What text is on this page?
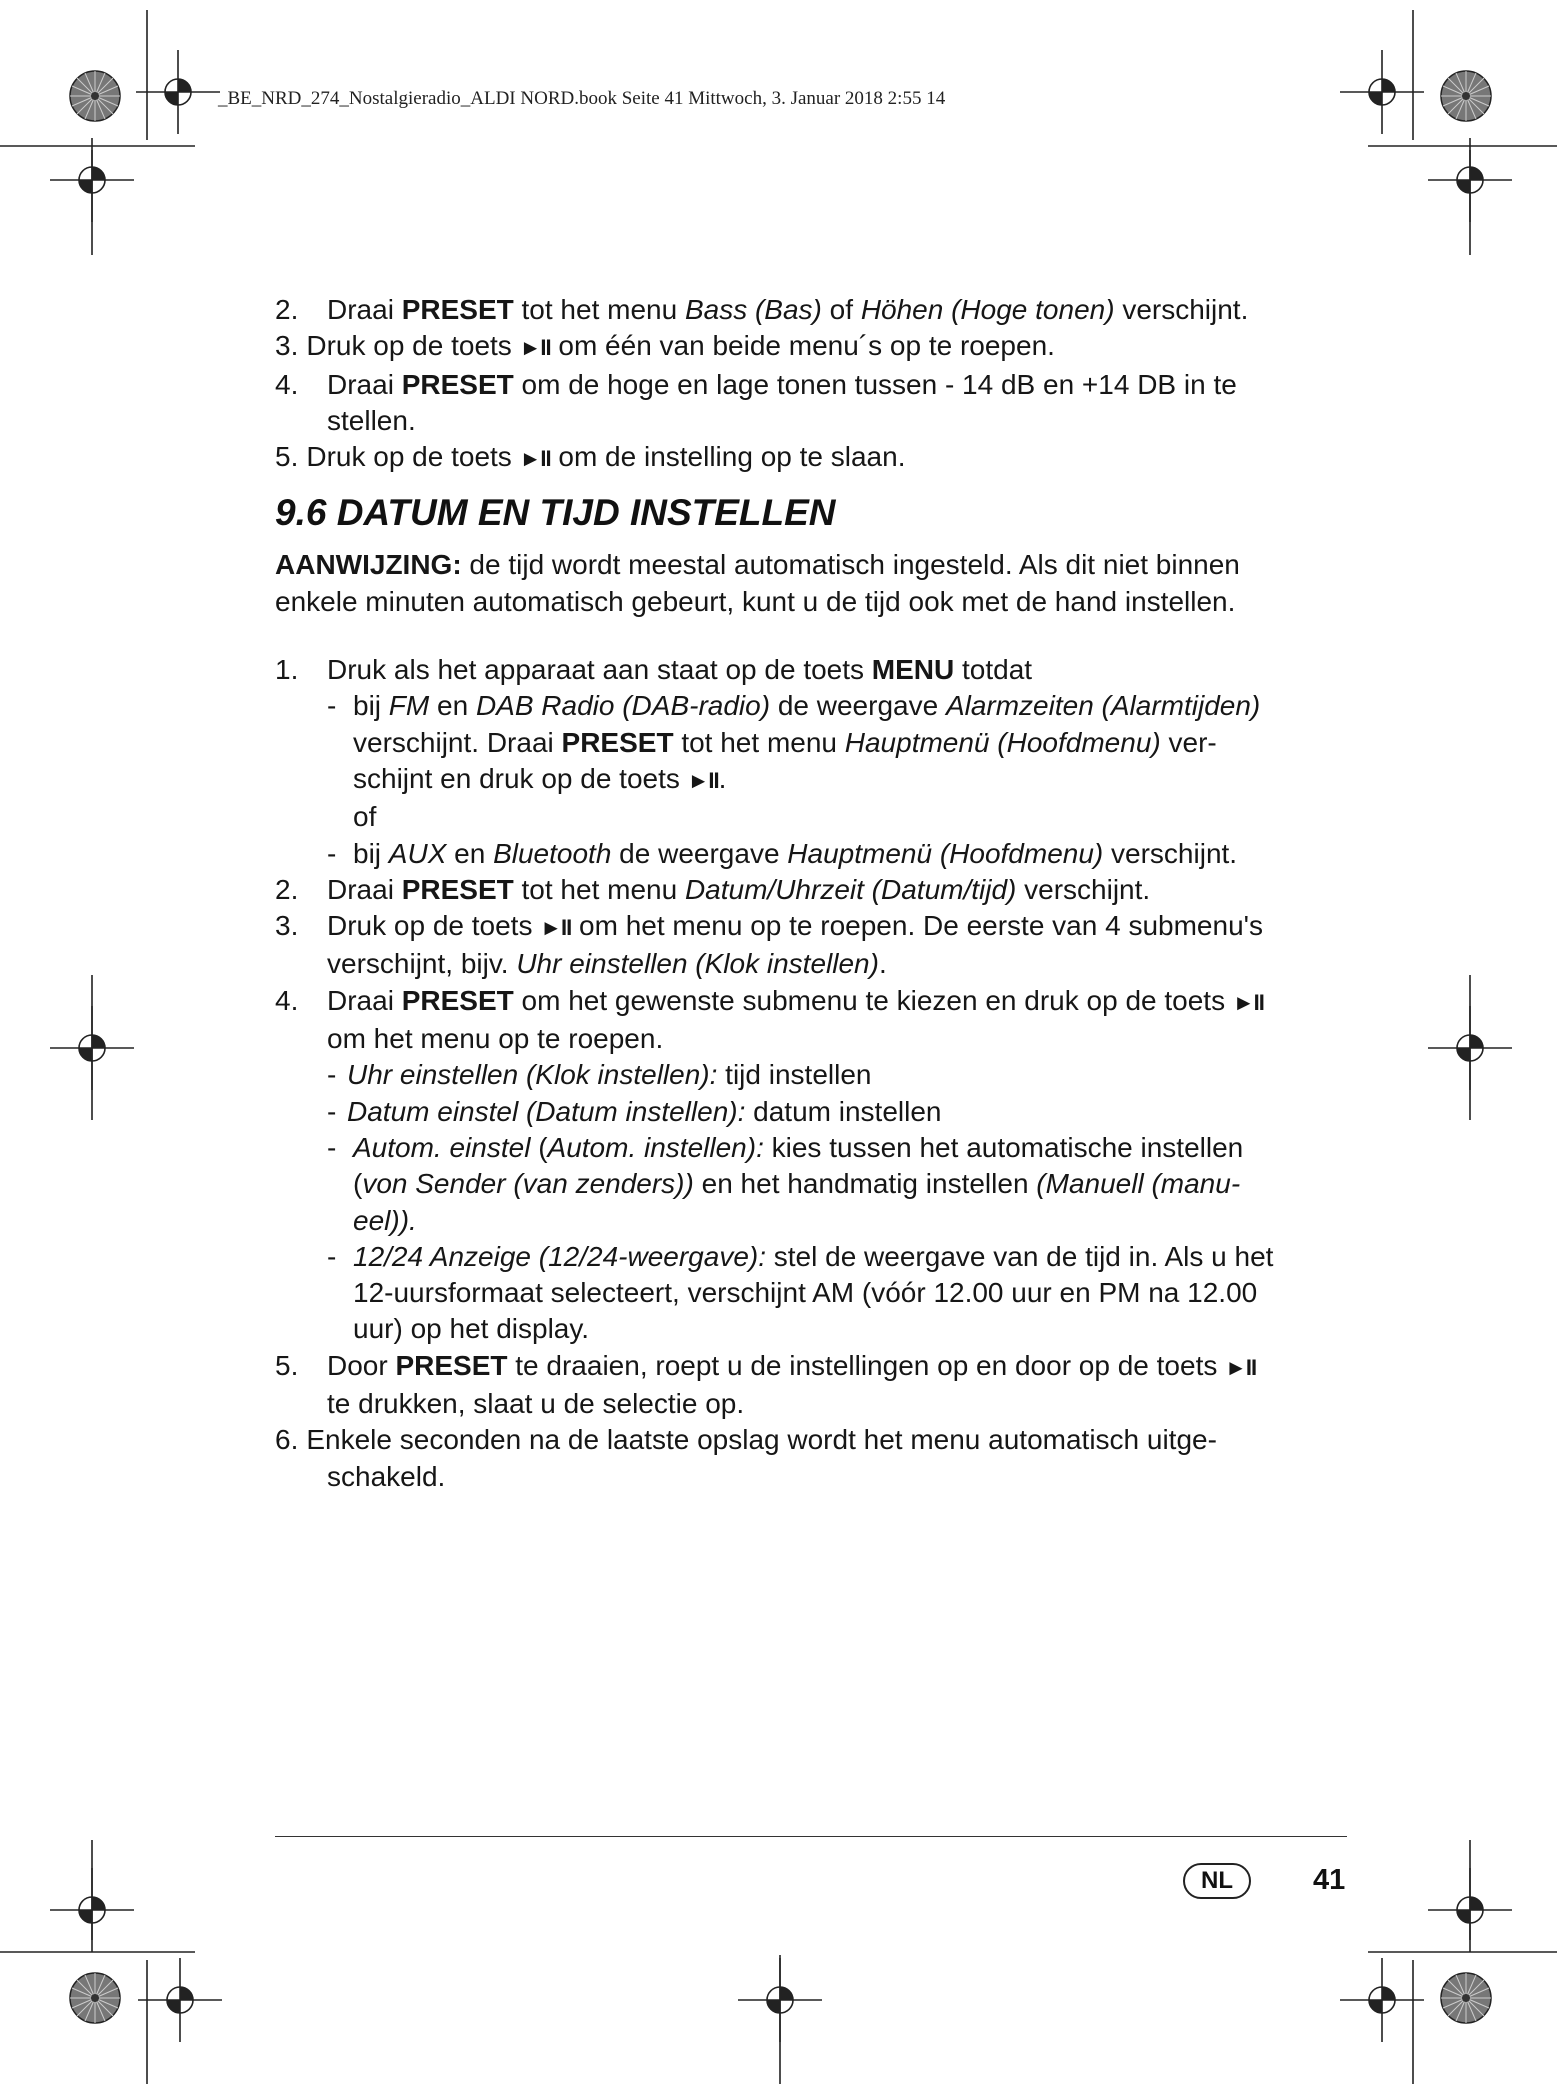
_BE_NRD_274_Nostalgieradio_ALDI NORD.book Seite 41 Mittwoch, 3. Januar 2018 2:55 14
2.	Draai PRESET tot het menu Bass (Bas) of Höhen (Hoge tonen) verschijnt.
3. Druk op de toets ►II om één van beide menu´s op te roepen.
4.	Draai PRESET om de hoge en lage tonen tussen - 14 dB en +14 DB in te
stellen.
5. Druk op de toets ►II om de instelling op te slaan.
9.6 DATUM EN TIJD INSTELLEN
AANWIJZING: de tijd wordt meestal automatisch ingesteld. Als dit niet binnen
enkele minuten automatisch gebeurt, kunt u de tijd ook met de hand instellen.
1.	Druk als het apparaat aan staat op de toets MENU totdat
- bij FM en DAB Radio (DAB-radio) de weergave Alarmzeiten (Alarmtijden)
verschijnt. Draai PRESET tot het menu Hauptmenü (Hoofdmenu) ver-
schijnt en druk op de toets ►II.
of
- bij AUX en Bluetooth de weergave Hauptmenü (Hoofdmenu) verschijnt.
2.	Draai PRESET tot het menu Datum/Uhrzeit (Datum/tijd) verschijnt.
3.	Druk op de toets ►II om het menu op te roepen. De eerste van 4 submenu's
verschijnt, bijv. Uhr einstellen (Klok instellen).
4.	Draai PRESET om het gewenste submenu te kiezen en druk op de toets ►II
om het menu op te roepen.
- Uhr einstellen (Klok instellen): tijd instellen
- Datum einstel (Datum instellen): datum instellen
- Autom. einstel (Autom. instellen): kies tussen het automatische instellen
(von Sender (van zenders)) en het handmatig instellen (Manuell (manu-
eel)).
- 12/24 Anzeige (12/24-weergave): stel de weergave van de tijd in. Als u het
12-uursformaat selecteert, verschijnt AM (vóór 12.00 uur en PM na 12.00
uur) op het display.
5.	Door PRESET te draaien, roept u de instellingen op en door op de toets ►II
te drukken, slaat u de selectie op.
6. Enkele seconden na de laatste opslag wordt het menu automatisch uitge-
schakeld.
NL	41
